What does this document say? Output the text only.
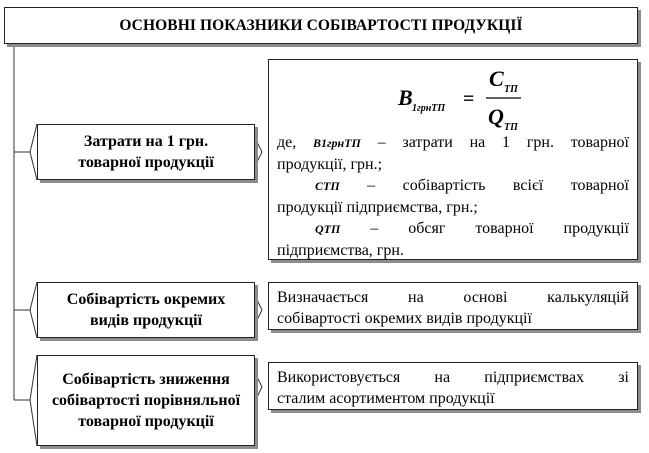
ОСНОВНІ ПОКАЗНИКИ СОБІВАРТОСТІ ПРОДУКЦІЇ
Затрати на 1 грн. товарної продукції
B 1грнТП =
C ТП
Q ТП
де, B1грнТП – затрати на 1 грн. товарної
продукції, грн.;
СТП – собівартість всієї товарної
продукції підприємства, грн.;
QТП – обсяг товарної продукції
підприємства, грн.
Собівартість окремих видів продукції
Визначається на основі калькуляцій
собівартості окремих видів продукції
Собівартість зниження собівартості порівняльної товарної продукції
Використовується на підприємствах зі
сталим асортиментом продукції
